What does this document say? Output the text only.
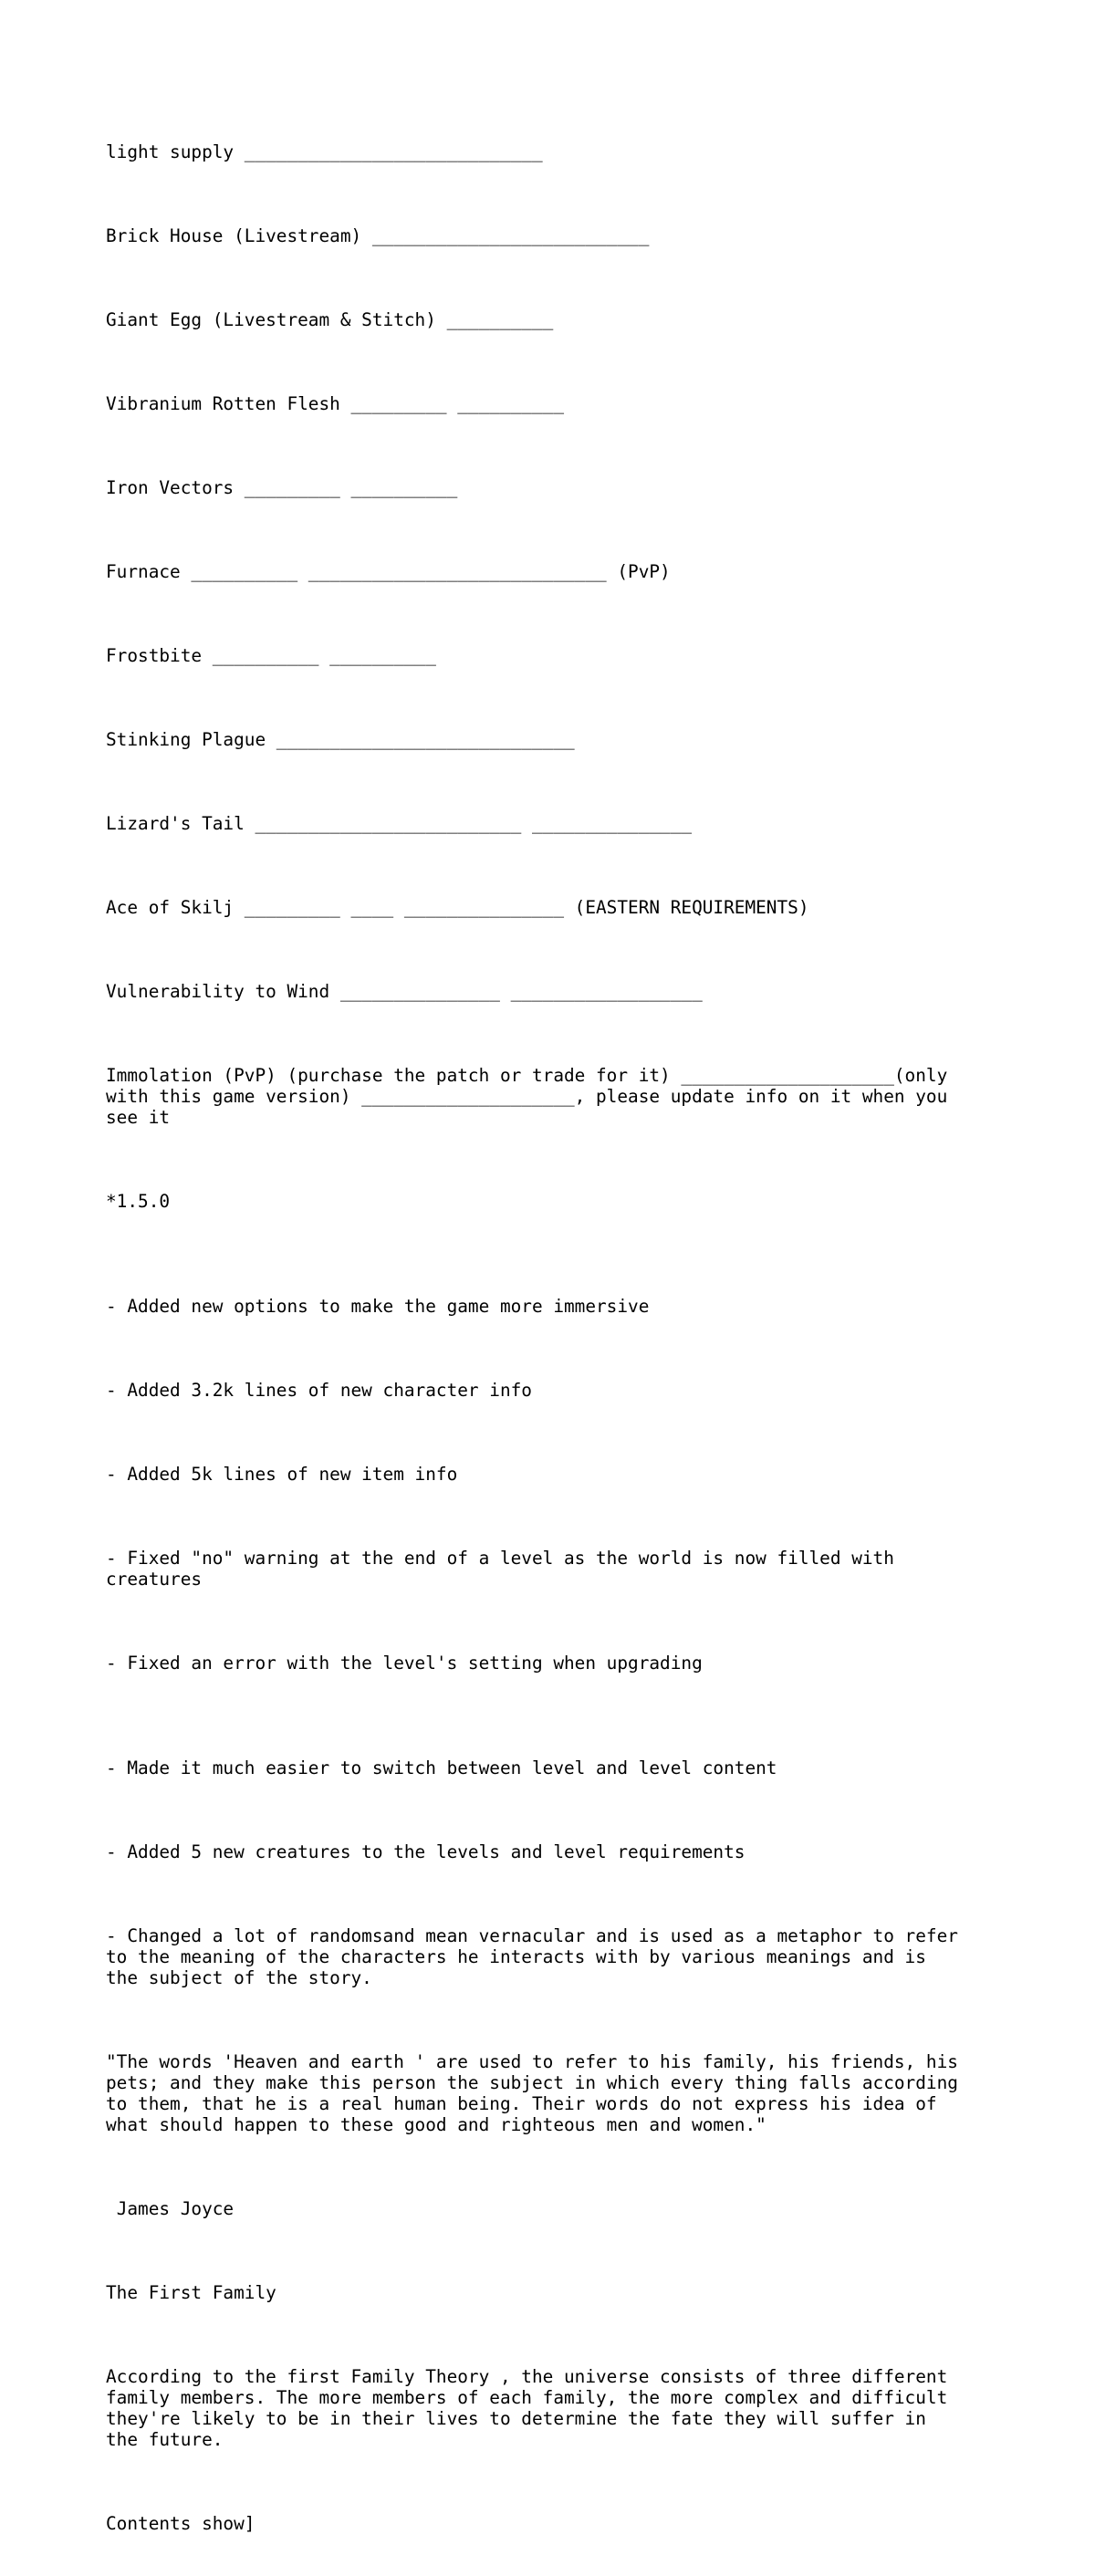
light supply ____________________________

Brick House (Livestream) __________________________

Giant Egg (Livestream & Stitch) __________

Vibranium Rotten Flesh _________ __________

Iron Vectors _________ __________

Furnace __________ ____________________________ (PvP)

Frostbite __________ __________

Stinking Plague ____________________________

Lizard's Tail _________________________ _______________

Ace of Skilj _________ ____ _______________ (EASTERN REQUIREMENTS)

Vulnerability to Wind _______________ __________________

Immolation (PvP) (purchase the patch or trade for it) ____________________(only
with this game version) ____________________, please update info on it when you
see it

*1.5.0

- Added new options to make the game more immersive

- Added 3.2k lines of new character info

- Added 5k lines of new item info

- Fixed "no" warning at the end of a level as the world is now filled with
creatures

- Fixed an error with the level's setting when upgrading

- Made it much easier to switch between level and level content

- Added 5 new creatures to the levels and level requirements

- Changed a lot of randomsand mean vernacular and is used as a metaphor to refer
to the meaning of the characters he interacts with by various meanings and is
the subject of the story.

"The words 'Heaven and earth ' are used to refer to his family, his friends, his
pets; and they make this person the subject in which every thing falls according
to them, that he is a real human being. Their words do not express his idea of
what should happen to these good and righteous men and women."

James Joyce

The First Family

According to the first Family Theory , the universe consists of three different
family members. The more members of each family, the more complex and difficult
they're likely to be in their lives to determine the fate they will suffer in
the future.

Contents show]
